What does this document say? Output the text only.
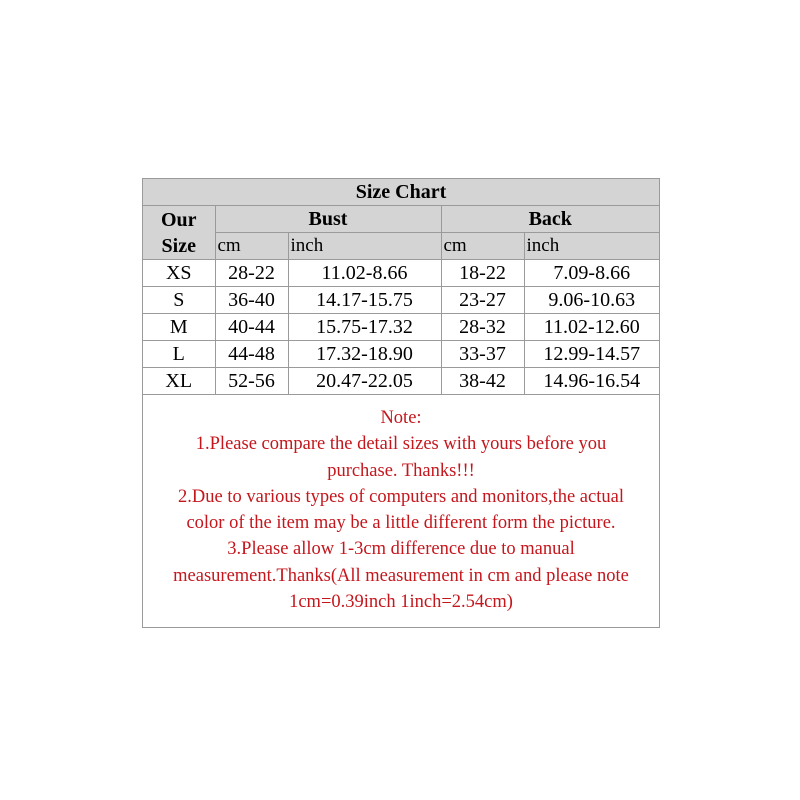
Size Chart				

Our
Size	Bust		Back	
	cm	inch	cm	inch
XS	28-22	11.02-8.66	18-22	7.09-8.66
S	36-40	14.17-15.75	23-27	9.06-10.63
M	40-44	15.75-17.32	28-32	11.02-12.60
L	44-48	17.32-18.90	33-37	12.99-14.57
XL	52-56	20.47-22.05	38-42	14.96-16.54
Note:
1.Please compare the detail sizes with yours before you
purchase. Thanks!!!
2.Due to various types of computers and monitors,the actual
color of the item may be a little different form the picture.
3.Please allow 1-3cm difference due to manual
measurement.Thanks(All measurement in cm and please note
1cm=0.39inch 1inch=2.54cm)
